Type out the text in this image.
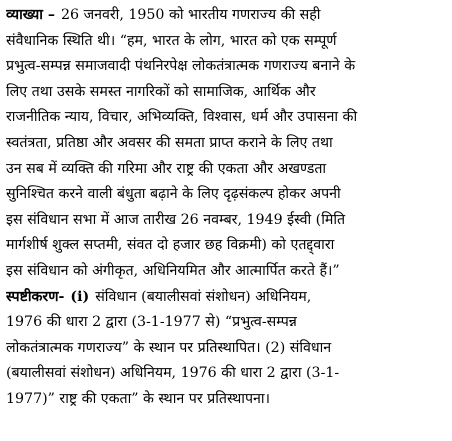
व्याख्या – 26 जनवरी, 1950 को भारतीय गणराज्य की सही
संवैधानिक स्थिति थी। “हम, भारत के लोग, भारत को एक सम्पूर्ण
प्रभुत्व-सम्पन्न समाजवादी पंथनिरपेक्ष लोकतंत्रात्मक गणराज्य बनाने के
लिए तथा उसके समस्त नागरिकों को सामाजिक, आर्थिक और
राजनीतिक न्याय, विचार, अभिव्यक्ति, विश्वास, धर्म और उपासना की
स्वतंत्रता, प्रतिष्ठा और अवसर की समता प्राप्त कराने के लिए तथा
उन सब में व्यक्ति की गरिमा और राष्ट्र की एकता और अखण्डता
सुनिश्चित करने वाली बंधुता बढ़ाने के लिए दृढ़संकल्प होकर अपनी
इस संविधान सभा में आज तारीख 26 नवम्बर, 1949 ईस्वी (मिति
मार्गशीर्ष शुक्ल सप्तमी, संवत दो हजार छह विक्रमी) को एतद्द्वारा
इस संविधान को अंगीकृत, अधिनियमित और आत्मार्पित करते हैं।”
स्पष्टीकरण- (i) संविधान (बयालीसवां संशोधन) अधिनियम,
1976 की धारा 2 द्वारा (3-1-1977 से) “प्रभुत्व-सम्पन्न
लोकतंत्रात्मक गणराज्य” के स्थान पर प्रतिस्थापित। (2) संविधान
(बयालीसवां संशोधन) अधिनियम, 1976 की धारा 2 द्वारा (3-1-
1977)” राष्ट्र की एकता” के स्थान पर प्रतिस्थापना।
